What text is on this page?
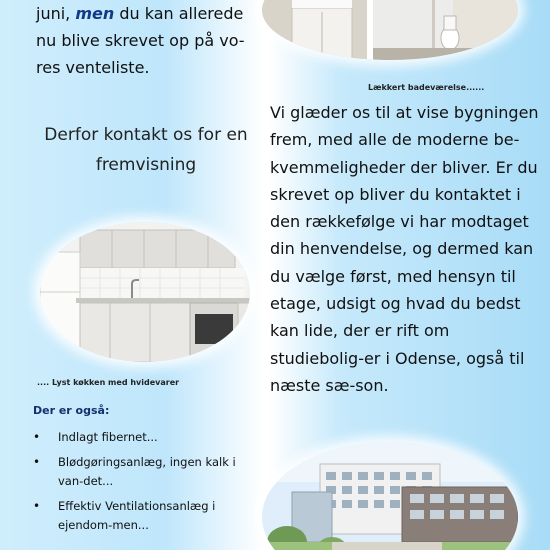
juni, men du kan allerede nu blive skrevet op på vo-res venteliste.
Lækkert badeværelse......
Derfor kontakt os for en fremvisning
.... Lyst køkken med hvidevarer
Vi glæder os til at vise bygningen frem, med alle de moderne be-kvemmeligheder der bliver. Er du skrevet op bliver du kontaktet i den rækkefølge vi har modtaget din henvendelse, og dermed kan du vælge først, med hensyn til etage, udsigt og hvad du bedst kan lide, der er rift om studiebolig-er i Odense, også til næste sæ-son.
Der er også:
• Indlagt fibernet...
• Blødgøringsanlæg, ingen kalk i van-det...
• Effektiv Ventilationsanlæg i ejendom-men...
